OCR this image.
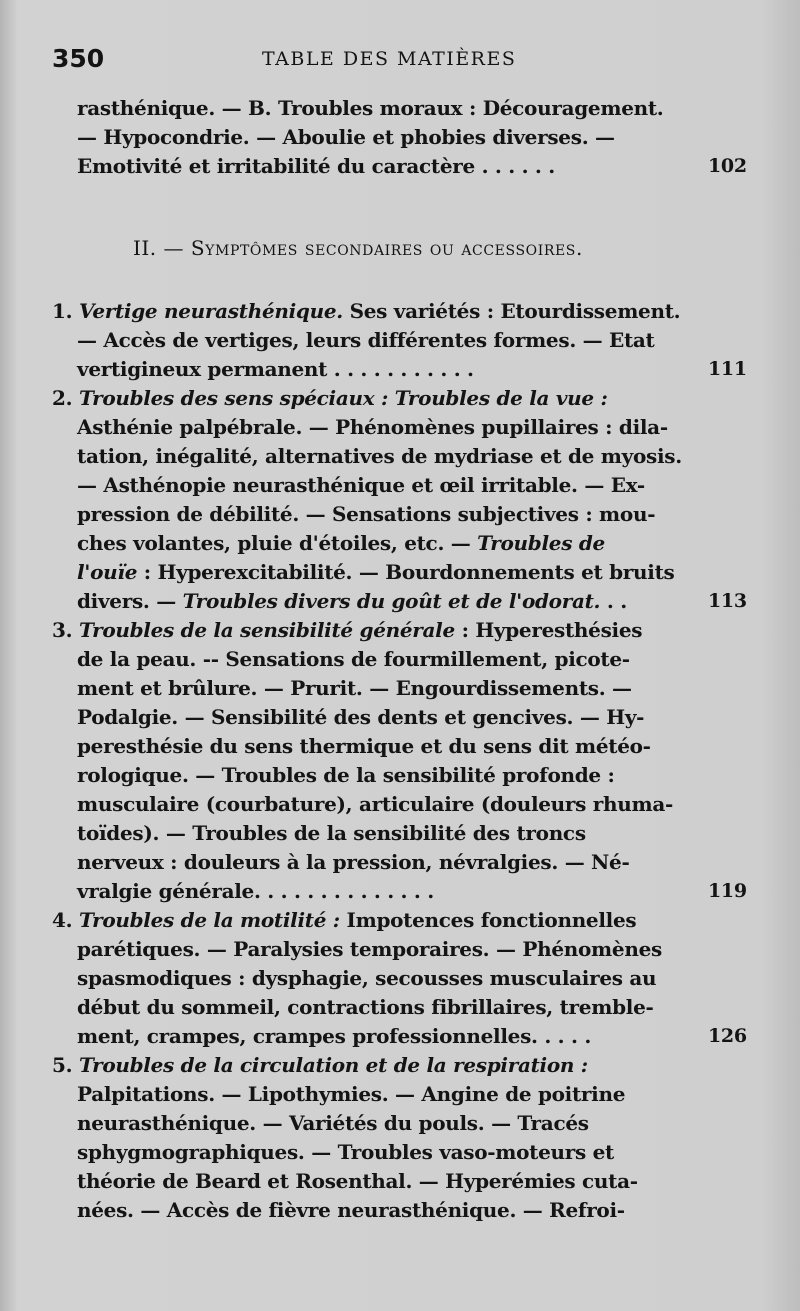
350	TABLE DES MATIÈRES
rasthénique. — B. Troubles moraux : Découragement.
— Hypocondrie. — Aboulie et phobies diverses. —
Emotivité et irritabilité du caractère . . . . . .	102
II. — Symptômes secondaires ou accessoires.
1. Vertige neurasthénique. Ses variétés : Etourdissement.
— Accès de vertiges, leurs différentes formes. — Etat
vertigineux permanent . . . . . . . . . . .	111
2. Troubles des sens spéciaux : Troubles de la vue :
Asthénie palpébrale. — Phénomènes pupillaires : dila-
tation, inégalité, alternatives de mydriase et de myosis.
— Asthénopie neurasthénique et œil irritable. — Ex-
pression de débilité. — Sensations subjectives : mou-
ches volantes, pluie d'étoiles, etc. — Troubles de
l'ouïe : Hyperexcitabilité. — Bourdonnements et bruits
divers. — Troubles divers du goût et de l'odorat. . .	113
3. Troubles de la sensibilité générale : Hyperesthésies
de la peau. -- Sensations de fourmillement, picote-
ment et brûlure. — Prurit. — Engourdissements. —
Podalgie. — Sensibilité des dents et gencives. — Hy-
peresthésie du sens thermique et du sens dit météo-
rologique. — Troubles de la sensibilité profonde :
musculaire (courbature), articulaire (douleurs rhuma-
toïdes). — Troubles de la sensibilité des troncs
nerveux : douleurs à la pression, névralgies. — Né-
vralgie générale. . . . . . . . . . . . . .	119
4. Troubles de la motilité : Impotences fonctionnelles
parétiques. — Paralysies temporaires. — Phénomènes
spasmodiques : dysphagie, secousses musculaires au
début du sommeil, contractions fibrillaires, tremble-
ment, crampes, crampes professionnelles. . . . .	126
5. Troubles de la circulation et de la respiration :
Palpitations. — Lipothymies. — Angine de poitrine
neurasthénique. — Variétés du pouls. — Tracés
sphygmographiques. — Troubles vaso-moteurs et
théorie de Beard et Rosenthal. — Hyperémies cuta-
nées. — Accès de fièvre neurasthénique. — Refroi-
